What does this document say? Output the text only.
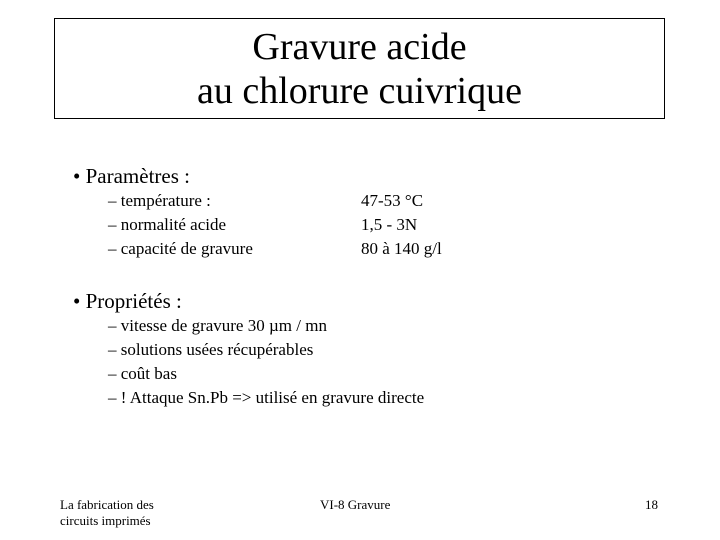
Gravure acide
au chlorure cuivrique
• Paramètres :
– température :	47-53 °C
– normalité acide	1,5 - 3N
– capacité de gravure	80 à 140 g/l
• Propriétés :
– vitesse de gravure 30 µm / mn
– solutions usées récupérables
– coût bas
– ! Attaque Sn.Pb => utilisé en gravure directe
La fabrication des
circuits imprimés
VI-8 Gravure	18
